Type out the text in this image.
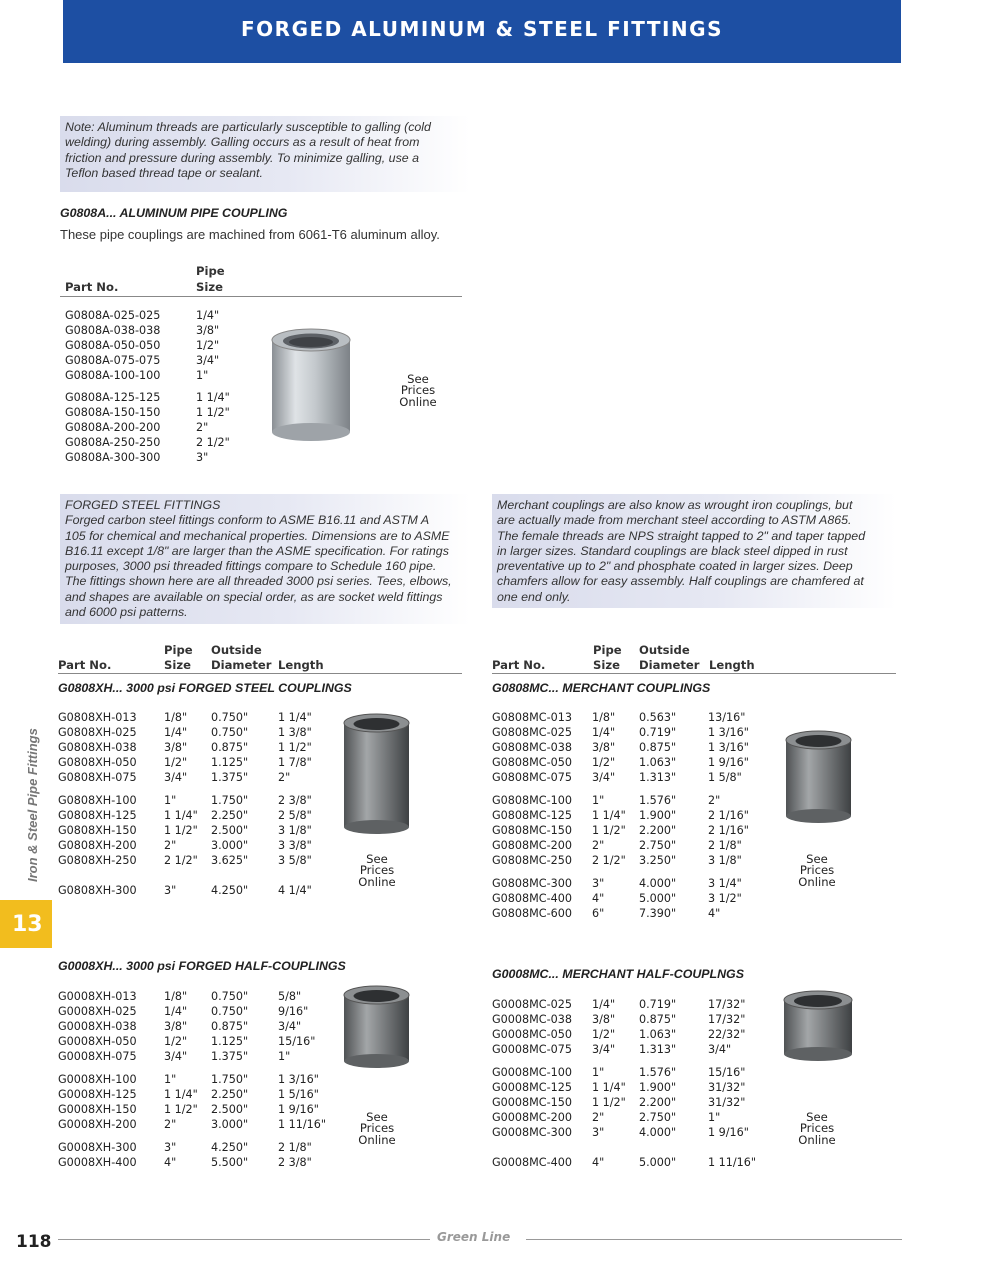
FORGED ALUMINUM & STEEL FITTINGS
Note: Aluminum threads are particularly susceptible to galling (cold
welding) during assembly. Galling occurs as a result of heat from
friction and pressure during assembly. To minimize galling, use a
Teflon based thread tape or sealant.
G0808A... ALUMINUM PIPE COUPLING
These pipe couplings are machined from 6061-T6 aluminum alloy.
Pipe
Part No.	Size
G0808A-025-025	1/4"
G0808A-038-038	3/8"
G0808A-050-050	1/2"
G0808A-075-075	3/4"
G0808A-100-100	1"
G0808A-125-125	1 1/4"
G0808A-150-150	1 1/2"
G0808A-200-200	2"
G0808A-250-250	2 1/2"
G0808A-300-300	3"
See
Prices
Online
FORGED STEEL FITTINGS
Forged carbon steel fittings conform to ASME B16.11 and ASTM A
105 for chemical and mechanical properties. Dimensions are to ASME
B16.11 except 1/8" are larger than the ASME specification. For ratings
purposes, 3000 psi threaded fittings compare to Schedule 160 pipe.
The fittings shown here are all threaded 3000 psi series. Tees, elbows,
and shapes are available on special order, as are socket weld fittings
and 6000 psi patterns.
Merchant couplings are also know as wrought iron couplings, but
are actually made from merchant steel according to ASTM A865.
The female threads are NPS straight tapped to 2" and taper tapped
in larger sizes. Standard couplings are black steel dipped in rust
preventative up to 2" and phosphate coated in larger sizes. Deep
chamfers allow for easy assembly. Half couplings are chamfered at
one end only.
Pipe Outside
Part No.	Size Diameter Length
Pipe Outside
Part No.	Size Diameter Length
G0808XH... 3000 psi FORGED STEEL COUPLINGS	G0808MC... MERCHANT COUPLINGS
G0008XH... 3000 psi FORGED HALF-COUPLINGS
G0008MC... MERCHANT HALF-COUPLNGS
G0808XH-013 1/8" 0.750"	1 1/4"
G0808XH-025 1/4" 0.750"	1 3/8"
G0808XH-038 3/8" 0.875"	1 1/2"
G0808XH-050 1/2" 1.125"	1 7/8"
G0808XH-075 3/4" 1.375"	2"
G0808XH-100 1"	1.750"	2 3/8"
G0808XH-125 1 1/4" 2.250"	2 5/8"
G0808XH-150 1 1/2" 2.500"	3 1/8"
G0808XH-200 2"	3.000"	3 3/8"
G0808XH-250 2 1/2" 3.625"	3 5/8"
G0808XH-300 3"	4.250"	4 1/4"
G0808MC-013 1/8" 0.563"	13/16"
G0808MC-025 1/4" 0.719"	1 3/16"
G0808MC-038 3/8" 0.875"	1 3/16"
G0808MC-050 1/2" 1.063"	1 9/16"
G0808MC-075 3/4" 1.313"	1 5/8"
G0808MC-100 1"	1.576"	2"
G0808MC-125 1 1/4" 1.900"	2 1/16"
G0808MC-150 1 1/2" 2.200"	2 1/16"
G0808MC-200 2"	2.750"	2 1/8"
G0808MC-250 2 1/2" 3.250"	3 1/8"
G0808MC-300 3"	4.000"	3 1/4"
G0808MC-400 4"	5.000"	3 1/2"
G0808MC-600 6"	7.390"	4"
G0008XH-013 1/8" 0.750"	5/8"
G0008XH-025 1/4" 0.750"	9/16"
G0008XH-038 3/8" 0.875"	3/4"
G0008XH-050 1/2" 1.125"	15/16"
G0008XH-075 3/4" 1.375"	1"
G0008XH-100 1"	1.750"	1 3/16"
G0008XH-125 1 1/4" 2.250"	1 5/16"
G0008XH-150 1 1/2" 2.500"	1 9/16"
G0008XH-200 2"	3.000"	1 11/16"
G0008XH-300 3"	4.250"	2 1/8"
G0008XH-400 4"	5.500"	2 3/8"
G0008MC-025 1/4" 0.719"	17/32"
G0008MC-038 3/8" 0.875"	17/32"
G0008MC-050 1/2" 1.063"	22/32"
G0008MC-075 3/4" 1.313"	3/4"
G0008MC-100 1"	1.576"	15/16"
G0008MC-125 1 1/4" 1.900"	31/32"
G0008MC-150 1 1/2" 2.200"	31/32"
G0008MC-200 2"	2.750"	1"
G0008MC-300 3"	4.000"	1 9/16"
G0008MC-400 4"	5.000"	1 11/16"
See
Prices
Online
See
Prices
Online
See
Prices
Online
See
Prices
Online
Iron & Steel Pipe Fittings
13
118	Green Line
